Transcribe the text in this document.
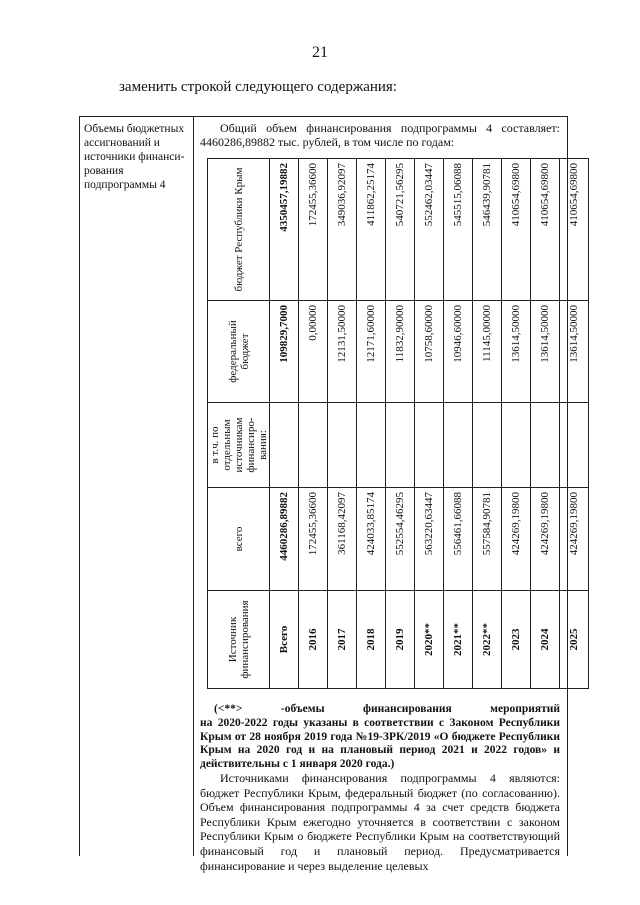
21
заменить строкой следующего содержания:
Объемы бюджетных ассигнований и источники финанси-рования подпрограммы 4
Общий объем финансирования подпрограммы 4 составляет:
4460286,89882 тыс. рублей, в том числе по годам:
Источник финансирования	всего	в т.ч. по отдельным источникам финансиро-вания:	федеральный бюджет	бюджет Республики Крым
Всего	4460286,89882		109829,7000	4350457,19882
2016	172455,36600		0,00000	172455,36600
2017	361168,42097		12131,50000	349036,92097
2018	424033,85174		12171,60000	411862,25174
2019	552554,46295		11832,90000	540721,56295
2020**	563220,63447		10758,60000	552462,03447
2021**	556461,66088		10946,60000	545515,06088
2022**	557584,90781		11145,00000	546439,90781
2023	424269,19800		13614,50000	410654,69800
2024	424269,19800		13614,50000	410654,69800
2025	424269,19800		13614,50000	410654,69800
(<**> -объемы финансирования мероприятий
на 2020-2022 годы указаны в соответствии с Законом Республики Крым от 28 ноября 2019 года №19-ЗРК/2019 «О бюджете Республики Крым на 2020 год и на плановый период 2021 и 2022 годов» и действительны с 1 января 2020 года.)
Источниками финансирования подпрограммы 4 являются:
бюджет Республики Крым, федеральный бюджет (по согласованию). Объем финансирования подпрограммы 4 за счет средств бюджета Республики Крым ежегодно уточняется в соответствии с законом Республики Крым о бюджете Республики Крым на соответствующий финансовый год и плановый период. Предусматривается финансирование и через выделение целевых
